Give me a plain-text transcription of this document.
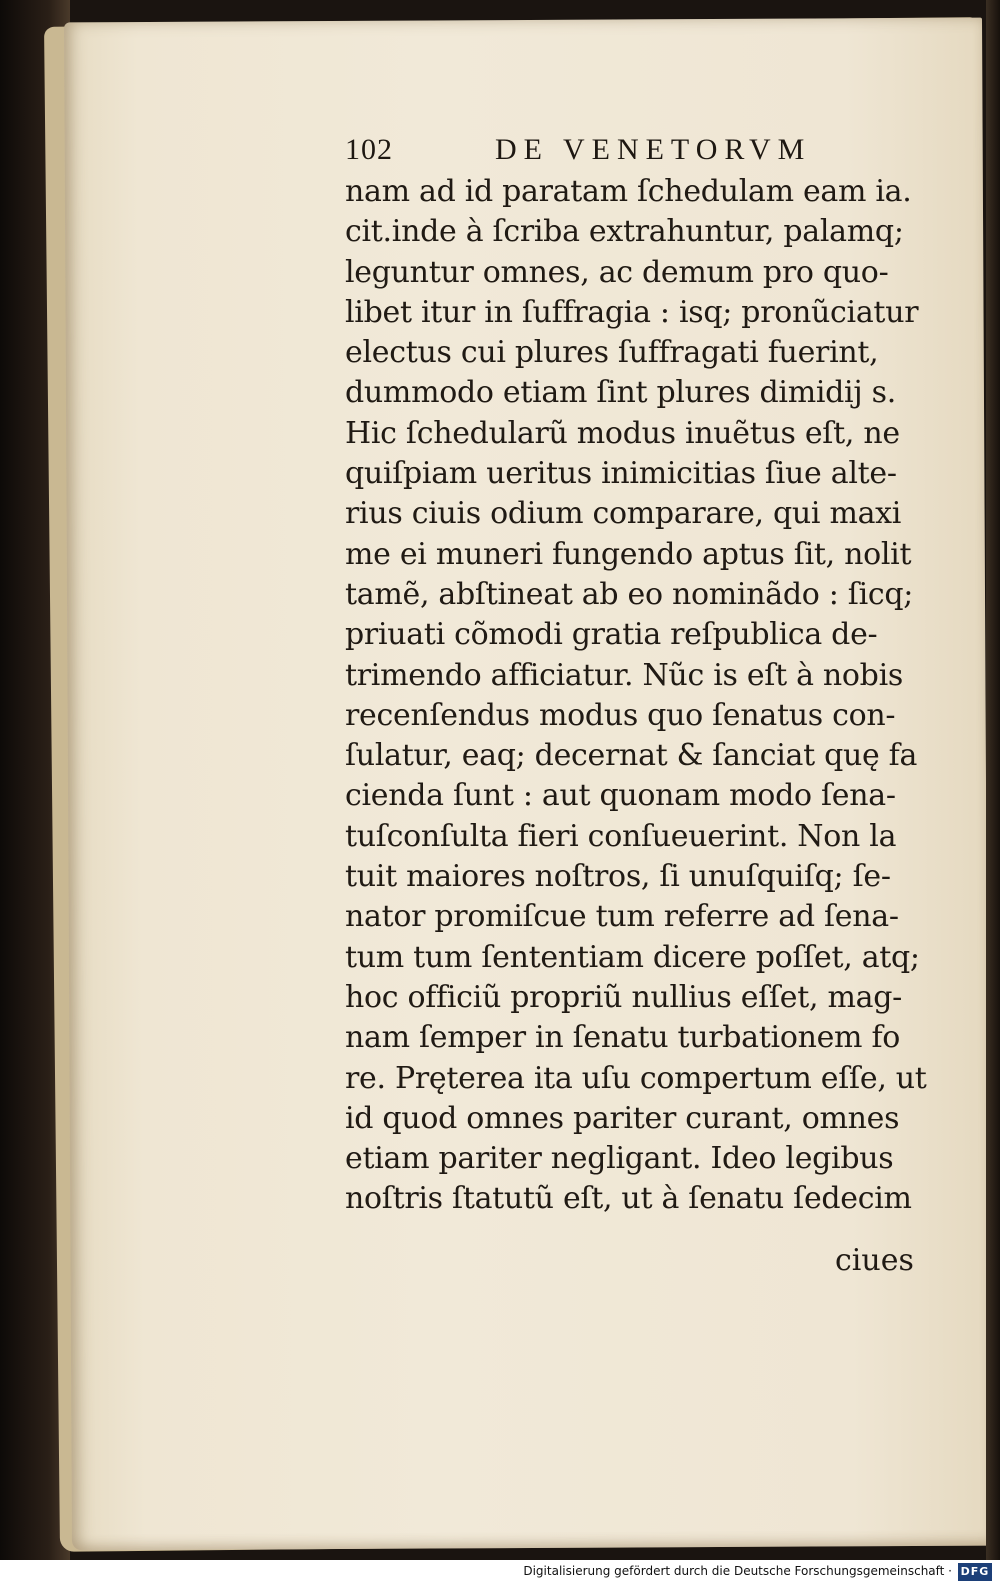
102	DE VENETORVM
nam ad id paratam ſchedulam eam ia.
cit.inde à ſcriba extrahuntur, palamq;
leguntur omnes, ac demum pro quo-
libet itur in ſuffragia : isq; pronũciatur
electus cui plures ſuffragati fuerint,
dummodo etiam ſint plures dimidij s.
Hic ſchedularũ modus inuẽtus eſt, ne
quiſpiam ueritus inimicitias ſiue alte-
rius ciuis odium comparare, qui maxi
me ei muneri fungendo aptus ſit, nolit
tamẽ, abſtineat ab eo nominãdo : ſicq;
priuati cõmodi gratia reſpublica de-
trimendo afficiatur. Nũc is eſt à nobis
recenſendus modus quo ſenatus con-
ſulatur, eaq; decernat & ſanciat quę fa
cienda ſunt : aut quonam modo ſena-
tuſconſulta fieri conſueuerint. Non la
tuit maiores noſtros, ſi unuſquiſq; ſe-
nator promiſcue tum referre ad ſena-
tum tum ſententiam dicere poſſet, atq;
hoc officiũ propriũ nullius eſſet, mag-
nam ſemper in ſenatu turbationem fo
re. Pręterea ita uſu compertum eſſe, ut
id quod omnes pariter curant, omnes
etiam pariter negligant. Ideo legibus
noſtris ſtatutũ eſt, ut à ſenatu ſedecim
ciues
Digitalisierung gefördert durch die Deutsche Forschungsgemeinschaft · DFG
